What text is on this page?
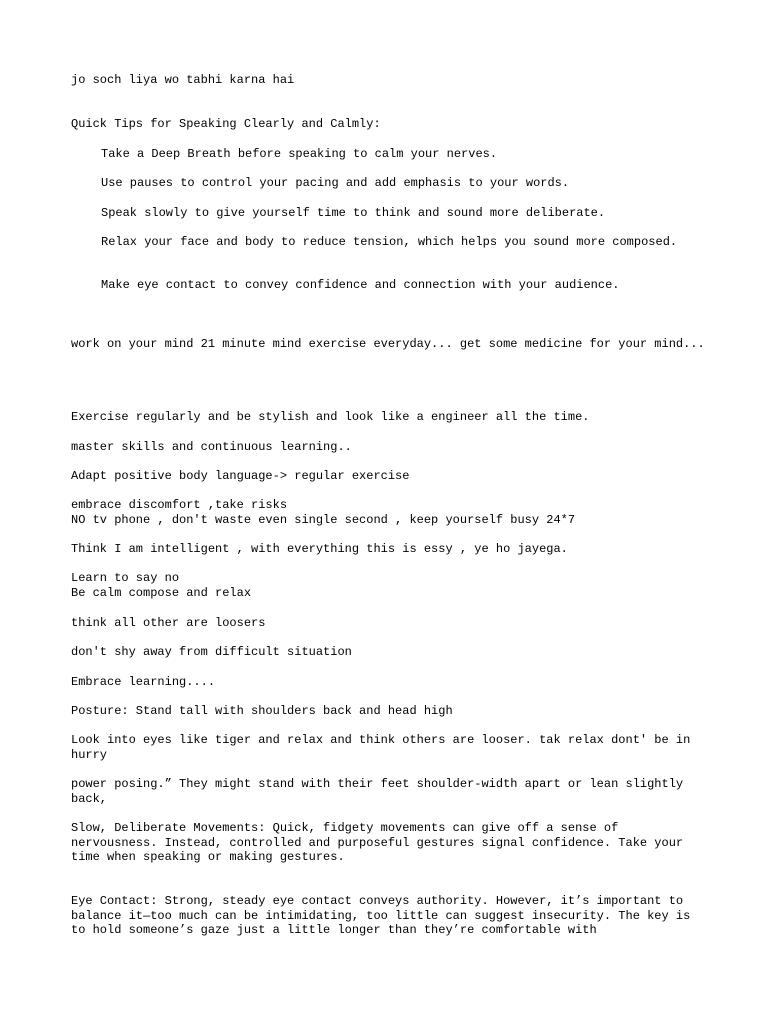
jo soch liya wo tabhi karna hai

Quick Tips for Speaking Clearly and Calmly:

Take a Deep Breath before speaking to calm your nerves.

Use pauses to control your pacing and add emphasis to your words.

Speak slowly to give yourself time to think and sound more deliberate.

Relax your face and body to reduce tension, which helps you sound more composed.

Make eye contact to convey confidence and connection with your audience.

work on your mind 21 minute mind exercise everyday... get some medicine for your mind...

Exercise regularly and be stylish and look like a engineer all the time.

master skills and continuous learning..

Adapt positive body language-> regular exercise

embrace discomfort ,take risks
NO tv phone , don't waste even single second , keep yourself busy 24*7

Think I am intelligent , with everything this is essy , ye ho jayega.

Learn to say no
Be calm compose and relax

think all other are loosers

don't shy away from difficult situation

Embrace learning....

Posture: Stand tall with shoulders back and head high

Look into eyes like tiger and relax and think others are looser. tak relax dont' be in hurry

power posing.” They might stand with their feet shoulder-width apart or lean slightly back,

Slow, Deliberate Movements: Quick, fidgety movements can give off a sense of nervousness. Instead, controlled and purposeful gestures signal confidence. Take your time when speaking or making gestures.

Eye Contact: Strong, steady eye contact conveys authority. However, it’s important to balance it—too much can be intimidating, too little can suggest insecurity. The key is to hold someone’s gaze just a little longer than they’re comfortable with
